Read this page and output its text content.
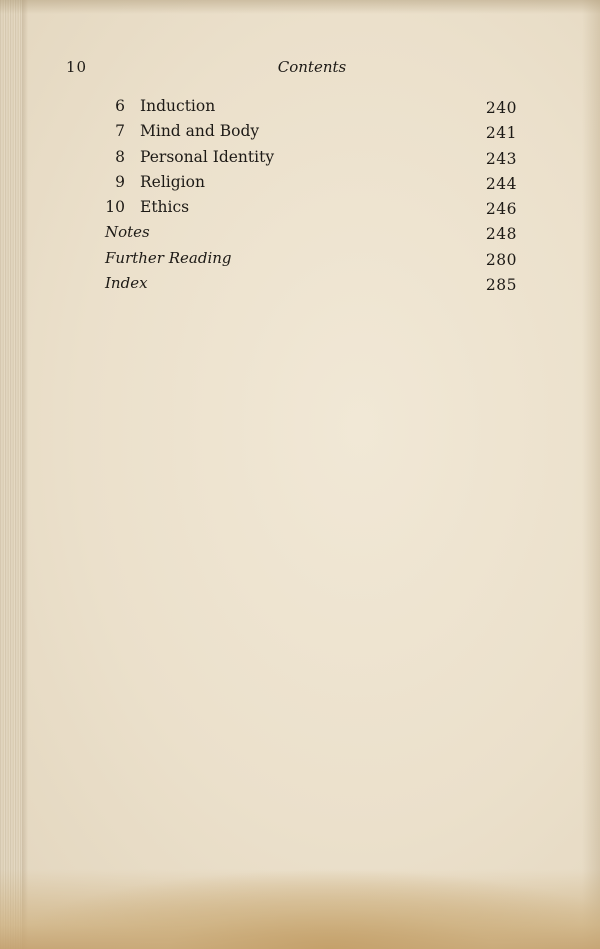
10	Contents
6 Induction	240
7 Mind and Body	241
8 Personal Identity	243
9 Religion	244
10 Ethics	246
Notes	248
Further Reading	280
Index	285
